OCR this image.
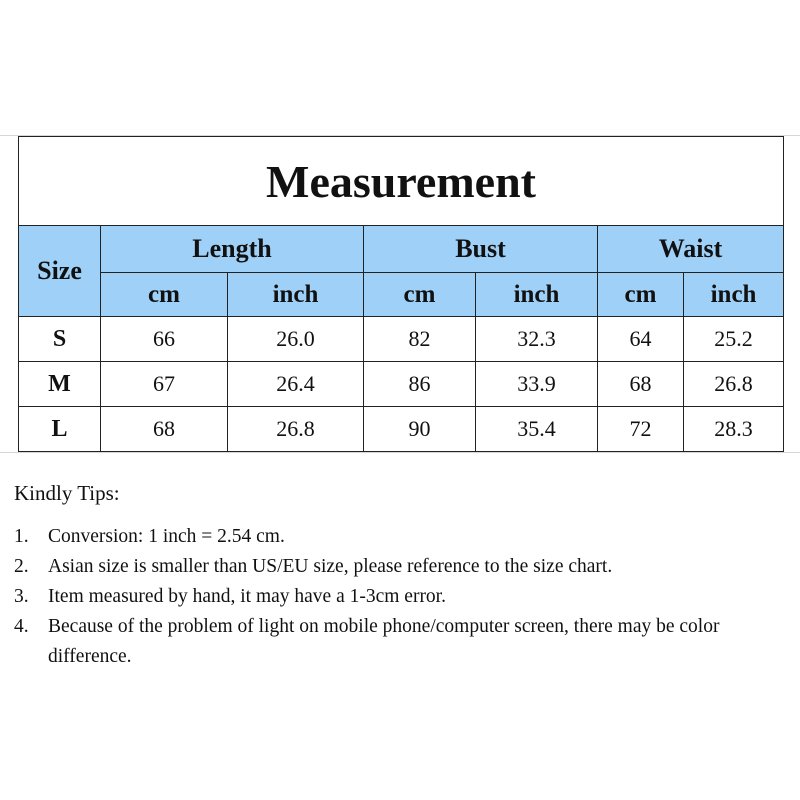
Measurement						
Size	Length		Bust		Waist	
	cm	inch	cm	inch	cm	inch
S	66	26.0	82	32.3	64	25.2
M	67	26.4	86	33.9	68	26.8
L	68	26.8	90	35.4	72	28.3
Kindly Tips:
1. Conversion: 1 inch = 2.54 cm.
2. Asian size is smaller than US/EU size, please reference to the size chart.
3. Item measured by hand, it may have a 1-3cm error.
4. Because of the problem of light on mobile phone/computer screen, there may be color difference.
